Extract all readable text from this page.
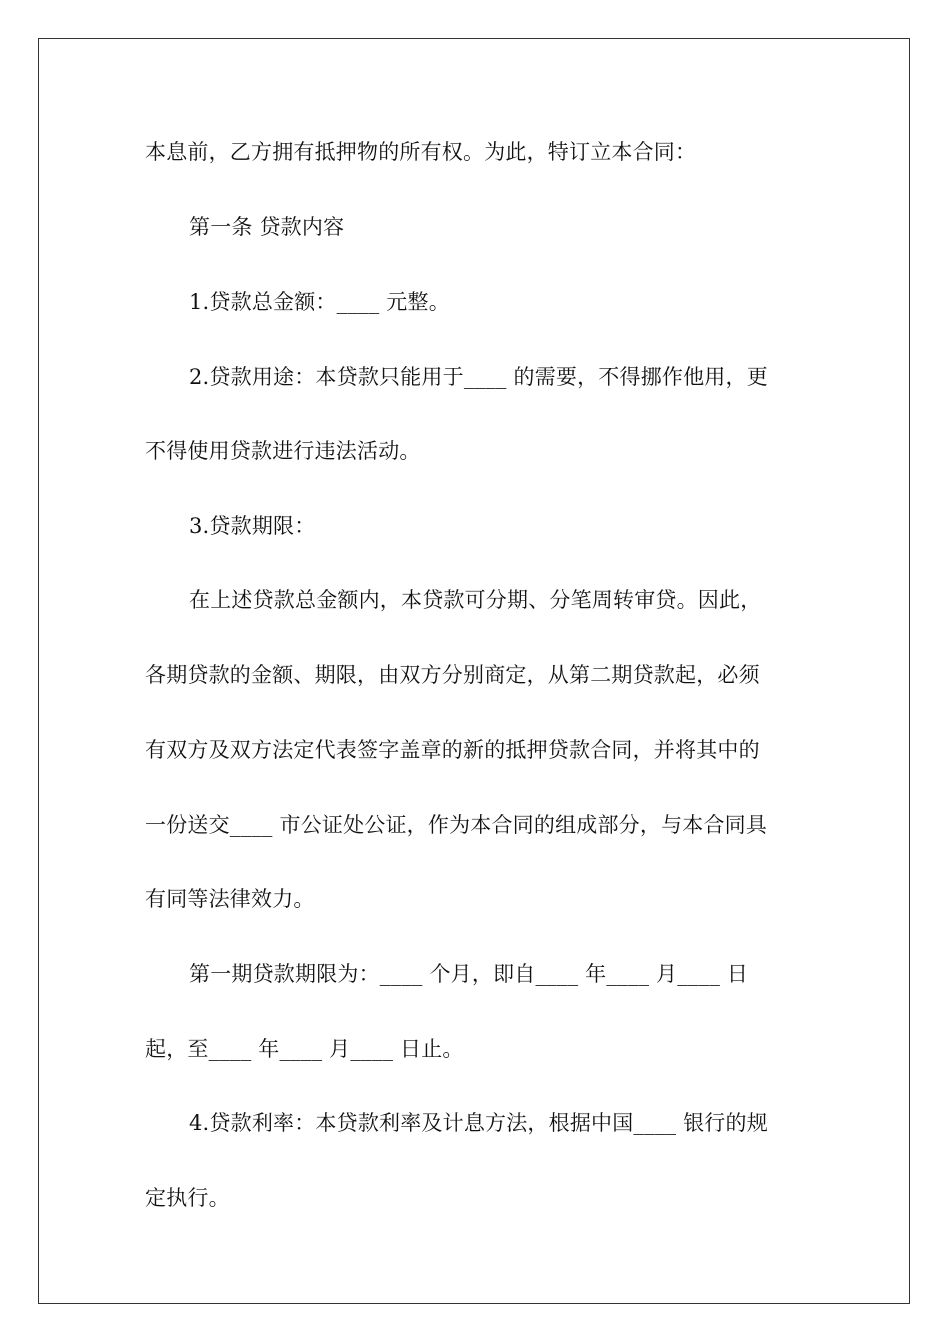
本息前，乙方拥有抵押物的所有权。为此，特订立本合同：
第一条 贷款内容
1.贷款总金额：____ 元整。
2.贷款用途：本贷款只能用于____ 的需要，不得挪作他用，更
不得使用贷款进行违法活动。
3.贷款期限：
在上述贷款总金额内，本贷款可分期、分笔周转审贷。因此，
各期贷款的金额、期限，由双方分别商定，从第二期贷款起，必须
有双方及双方法定代表签字盖章的新的抵押贷款合同，并将其中的
一份送交____ 市公证处公证，作为本合同的组成部分，与本合同具
有同等法律效力。
第一期贷款期限为：____ 个月，即自____ 年____ 月____ 日
起，至____ 年____ 月____ 日止。
4.贷款利率：本贷款利率及计息方法，根据中国____ 银行的规
定执行。
